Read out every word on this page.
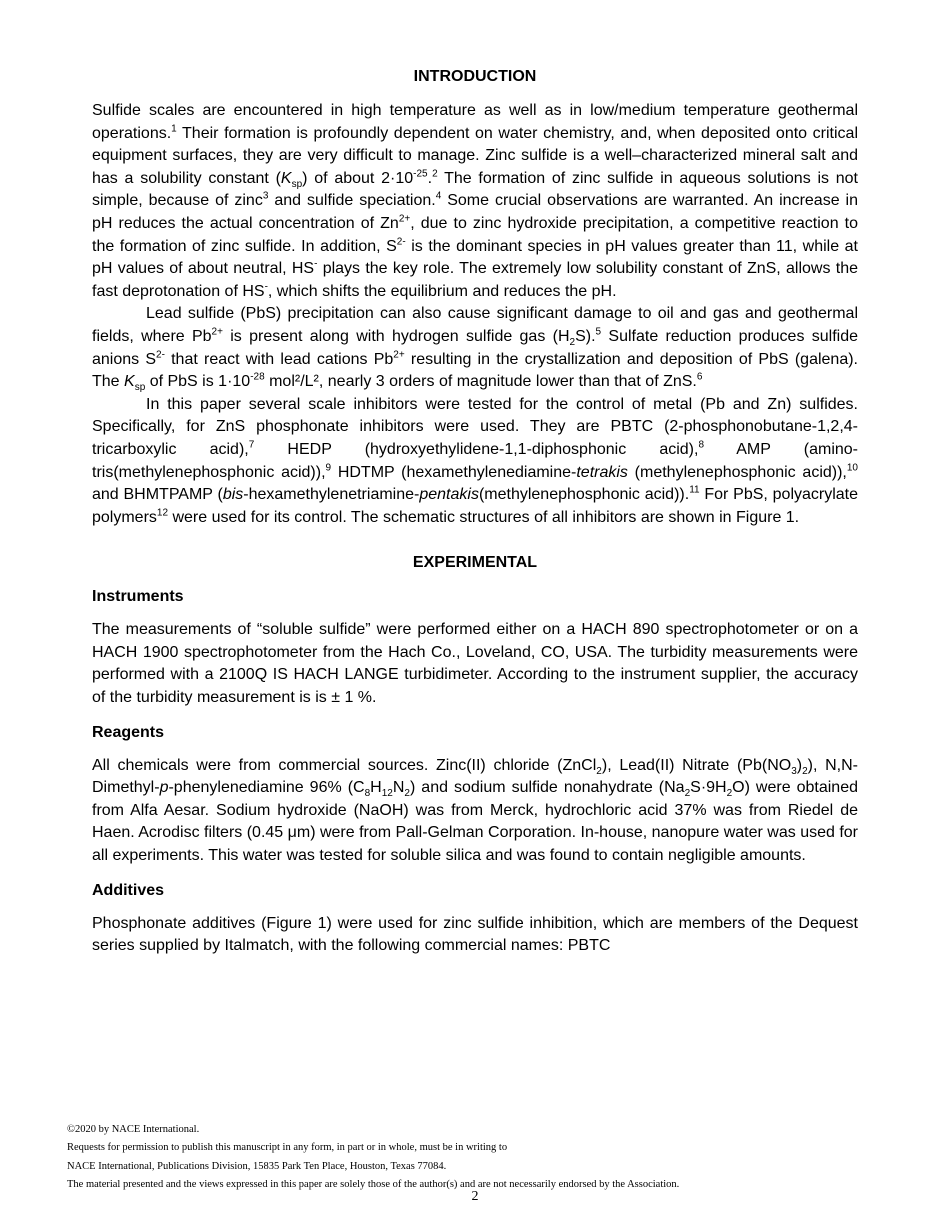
INTRODUCTION

Sulfide scales are encountered in high temperature as well as in low/medium temperature geothermal operations.$^1$ Their formation is profoundly dependent on water chemistry, and, when deposited onto critical equipment surfaces, they are very difficult to manage. Zinc sulfide is a well–characterized mineral salt and has a solubility constant $(K_{sp})$ of about $2\cdot 10^{-25}.^2$ The formation of zinc sulfide in aqueous solutions is not simple, because of zinc$^3$ and sulfide speciation.$^4$ Some crucial observations are warranted. An increase in pH reduces the actual concentration of $Zn^{2+}$, due to zinc hydroxide precipitation, a competitive reaction to the formation of zinc sulfide. In addition, $S^{2-}$ is the dominant species in pH values greater than 11, while at pH values of about neutral, HS- plays the key role. The extremely low solubility constant of ZnS, allows the fast deprotonation of HS-, which shifts the equilibrium and reduces the pH.

Lead sulfide (PbS) precipitation can also cause significant damage to oil and gas and geothermal fields, where $Pb^{2+}$ is present along with hydrogen sulfide gas $(H_2S).^5$ Sulfate reduction produces sulfide anions $S^{2-}$ that react with lead cations $Pb^{2+}$ resulting in the crystallization and deposition of PbS (galena). The $K_{sp}$ of PbS is $1\cdot 10^{-28}$ mol²/L², nearly 3 orders of magnitude lower than that of ZnS.$^6$

In this paper several scale inhibitors were tested for the control of metal (Pb and Zn) sulfides. Specifically, for ZnS phosphonate inhibitors were used. They are PBTC (2-phosphonobutane-1,2,4-tricarboxylic acid),$^7$ HEDP (hydroxyethylidene-1,1-diphosphonic acid),$^8$ AMP (amino-tris(methylenephosphonic acid)),$^9$ HDTMP (hexamethylenediamine-tetrakis (methylenephosphonic acid)),$^{10}$ and BHMTPAMP (bis-hexamethylenetriamine-pentakis(methylenephosphonic acid)).$^{11}$ For PbS, polyacrylate polymers$^{12}$ were used for its control. The schematic structures of all inhibitors are shown in Figure 1.

EXPERIMENTAL
Instruments

The measurements of “soluble sulfide” were performed either on a HACH 890 spectrophotometer or on a HACH 1900 spectrophotometer from the Hach Co., Loveland, CO, USA. The turbidity measurements were performed with a 2100Q IS HACH LANGE turbidimeter. According to the instrument supplier, the accuracy of the turbidity measurement is is ± 1 %.

Reagents

All chemicals were from commercial sources. Zinc(II) chloride (ZnCl$_2$), Lead(II) Nitrate $(Pb(NO_3)_2)$, N,N-Dimethyl-p-phenylenediamine 96% $(C_8H_{12}N_2)$ and sodium sulfide nonahydrate $(Na_2S\cdot 9H_2O)$ were obtained from Alfa Aesar. Sodium hydroxide (NaOH) was from Merck, hydrochloric acid 37% was from Riedel de Haen. Acrodisc filters (0.45 μm) were from Pall-Gelman Corporation. In-house, nanopure water was used for all experiments. This water was tested for soluble silica and was found to contain negligible amounts.

Additives

Phosphonate additives (Figure 1) were used for zinc sulfide inhibition, which are members of the Dequest series supplied by Italmatch, with the following commercial names: PBTC

©2020 by NACE International.
Requests for permission to publish this manuscript in any form, in part or in whole, must be in writing to
NACE International, Publications Division, 15835 Park Ten Place, Houston, Texas 77084.
The material presented and the views expressed in this paper are solely those of the author(s) and are not necessarily endorsed by the Association.
2
